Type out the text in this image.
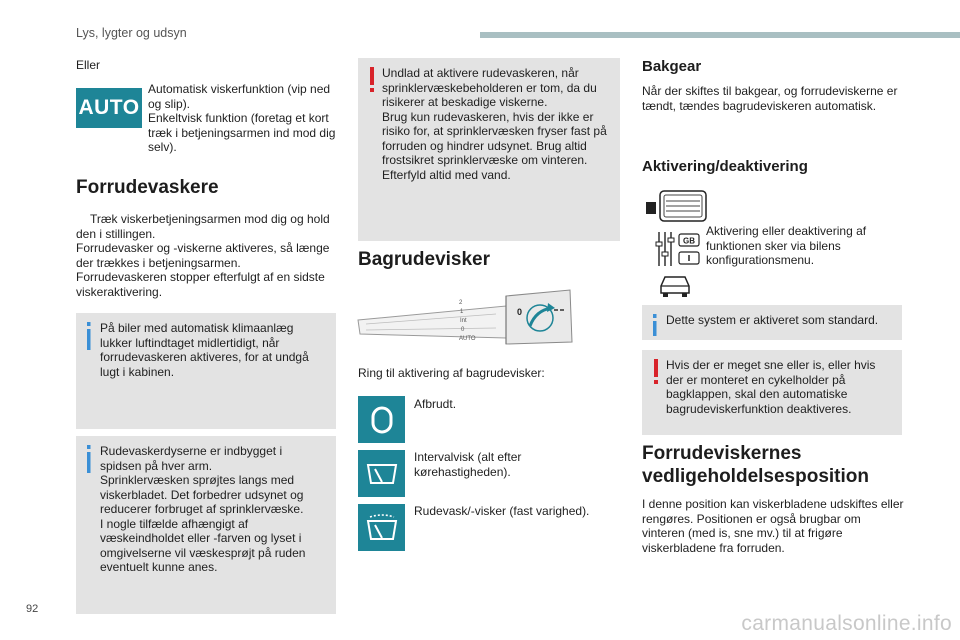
Lys, lygter og udsyn
Eller
AUTO
Automatisk viskerfunktion (vip ned og slip).
Enkeltvisk funktion (foretag et kort træk i betjeningsarmen ind mod dig selv).
Forrudevaskere
Træk viskerbetjeningsarmen mod dig og hold den i stillingen.
Forrudevasker og -viskerne aktiveres, så længe der trækkes i betjeningsarmen.
Forrudevaskeren stopper efterfulgt af en sidste viskeraktivering.
På biler med automatisk klimaanlæg lukker luftindtaget midlertidigt, når forrudevaskeren aktiveres, for at undgå lugt i kabinen.
Rudevaskerdyserne er indbygget i spidsen på hver arm.
Sprinklervæsken sprøjtes langs med viskerbladet. Det forbedrer udsynet og reducerer forbruget af sprinklervæske.
I nogle tilfælde afhængigt af væskeindholdet eller -farven og lyset i omgivelserne vil væskesprøjt på ruden eventuelt kunne anes.
Undlad at aktivere rudevaskeren, når sprinklervæskebeholderen er tom, da du risikerer at beskadige viskerne.
Brug kun rudevaskeren, hvis der ikke er risiko for, at sprinklervæsken fryser fast på forruden og hindrer udsynet. Brug altid frostsikret sprinklervæske om vinteren. Efterfyld altid med vand.
Bagrudevisker
2
1
Int
0
AUTO
0
Ring til aktivering af bagrudevisker:
Afbrudt.
Intervalvisk (alt efter kørehastigheden).
Rudevask/-visker (fast varighed).
Bakgear
Når der skiftes til bakgear, og forrudeviskerne er tændt, tændes bagrudeviskeren automatisk.
Aktivering/deaktivering
GB
Aktivering eller deaktivering af funktionen sker via bilens konfigurationsmenu.
Dette system er aktiveret som standard.
Hvis der er meget sne eller is, eller hvis der er monteret en cykelholder på bagklappen, skal den automatiske bagrudeviskerfunktion deaktiveres.
Forrudeviskernes vedligeholdelsesposition
I denne position kan viskerbladene udskiftes eller rengøres. Positionen er også brugbar om vinteren (med is, sne mv.) til at frigøre viskerbladene fra forruden.
92
carmanualsonline.info
